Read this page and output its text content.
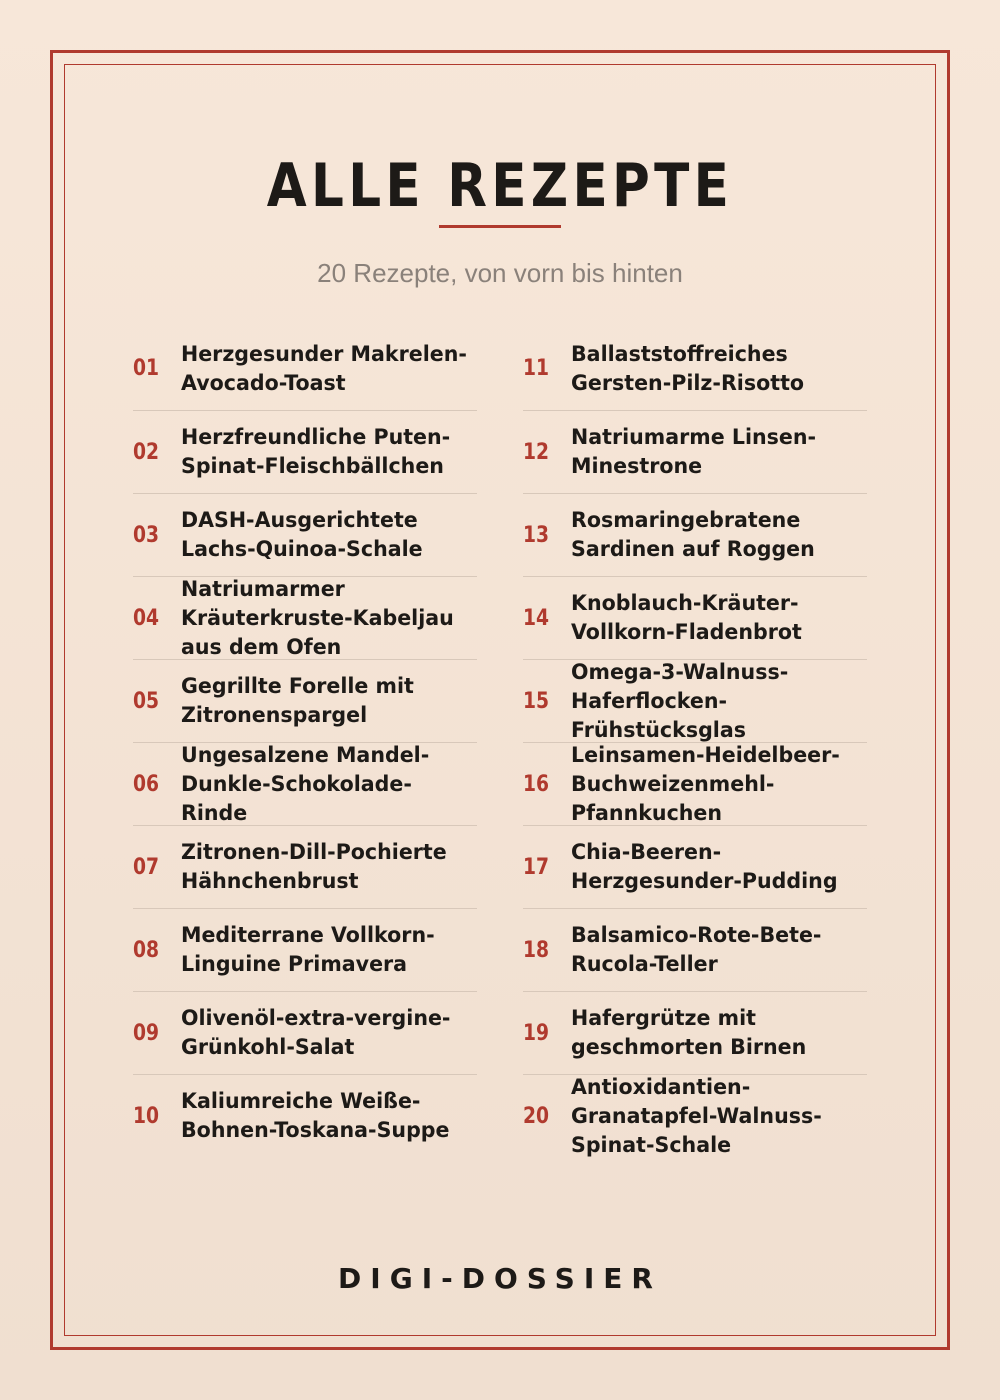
ALLE REZEPTE

20 Rezepte, von vorn bis hinten

01
Herzgesunder Makrelen-Avocado-Toast
02
Herzfreundliche Puten-Spinat-Fleischbällchen
03
DASH-Ausgerichtete Lachs-Quinoa-Schale
04
Natriumarmer Kräuterkruste-Kabeljau aus dem Ofen
05
Gegrillte Forelle mit Zitronenspargel
06
Ungesalzene Mandel-Dunkle-Schokolade-Rinde
07
Zitronen-Dill-Pochierte Hähnchenbrust
08
Mediterrane Vollkorn-Linguine Primavera
09
Olivenöl-extra-vergine-Grünkohl-Salat
10
Kaliumreiche Weiße-Bohnen-Toskana-Suppe
11
Ballaststoffreiches Gersten-Pilz-Risotto
12
Natriumarme Linsen-Minestrone
13
Rosmaringebratene Sardinen auf Roggen
14
Knoblauch-Kräuter-Vollkorn-Fladenbrot
15
Omega-3-Walnuss-Haferflocken-Frühstücksglas
16
Leinsamen-Heidelbeer-Buchweizenmehl-Pfannkuchen
17
Chia-Beeren-Herzgesunder-Pudding
18
Balsamico-Rote-Bete-Rucola-Teller
19
Hafergrütze mit geschmorten Birnen
20
Antioxidantien-Granatapfel-Walnuss-Spinat-Schale
DIGI-DOSSIER
